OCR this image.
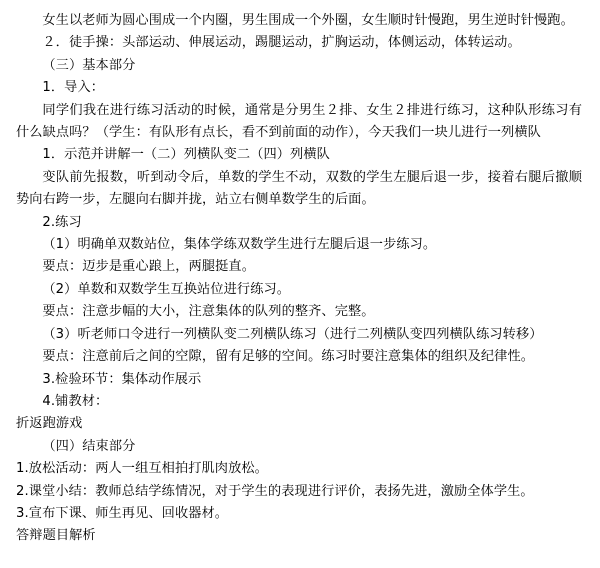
女生以老师为圆心围成一个内圈，男生围成一个外圈，女生顺时针慢跑，男生逆时针慢跑。

２．徒手操：头部运动、伸展运动，踢腿运动，扩胸运动，体侧运动，体转运动。

（三）基本部分

1．导入：

同学们我在进行练习活动的时候，通常是分男生２排、女生２排进行练习，这种队形练习有什么缺点吗？（学生：有队形有点长，看不到前面的动作），今天我们一块儿进行一列横队

1．示范并讲解一（二）列横队变二（四）列横队

变队前先报数，听到动令后，单数的学生不动，双数的学生左腿后退一步，接着右腿后撤顺势向右跨一步，左腿向右脚并拢，站立右侧单数学生的后面。

2.练习

（1）明确单双数站位，集体学练双数学生进行左腿后退一步练习。

要点：迈步是重心踉上，两腿挺直。

（2）单数和双数学生互换站位进行练习。

要点：注意步幅的大小，注意集体的队列的整齐、完整。

（3）听老师口令进行一列横队变二列横队练习（进行二列横队变四列横队练习转移）

要点：注意前后之间的空隙，留有足够的空间。练习时要注意集体的组织及纪律性。

3.检验环节：集体动作展示

4.铺教材：

折返跑游戏

（四）结束部分

1.放松活动：两人一组互相拍打肌肉放松。

2.课堂小结：教师总结学练情况，对于学生的表现进行评价，表扬先进，激励全体学生。

3.宣布下课、师生再见、回收器材。

答辩题目解析
